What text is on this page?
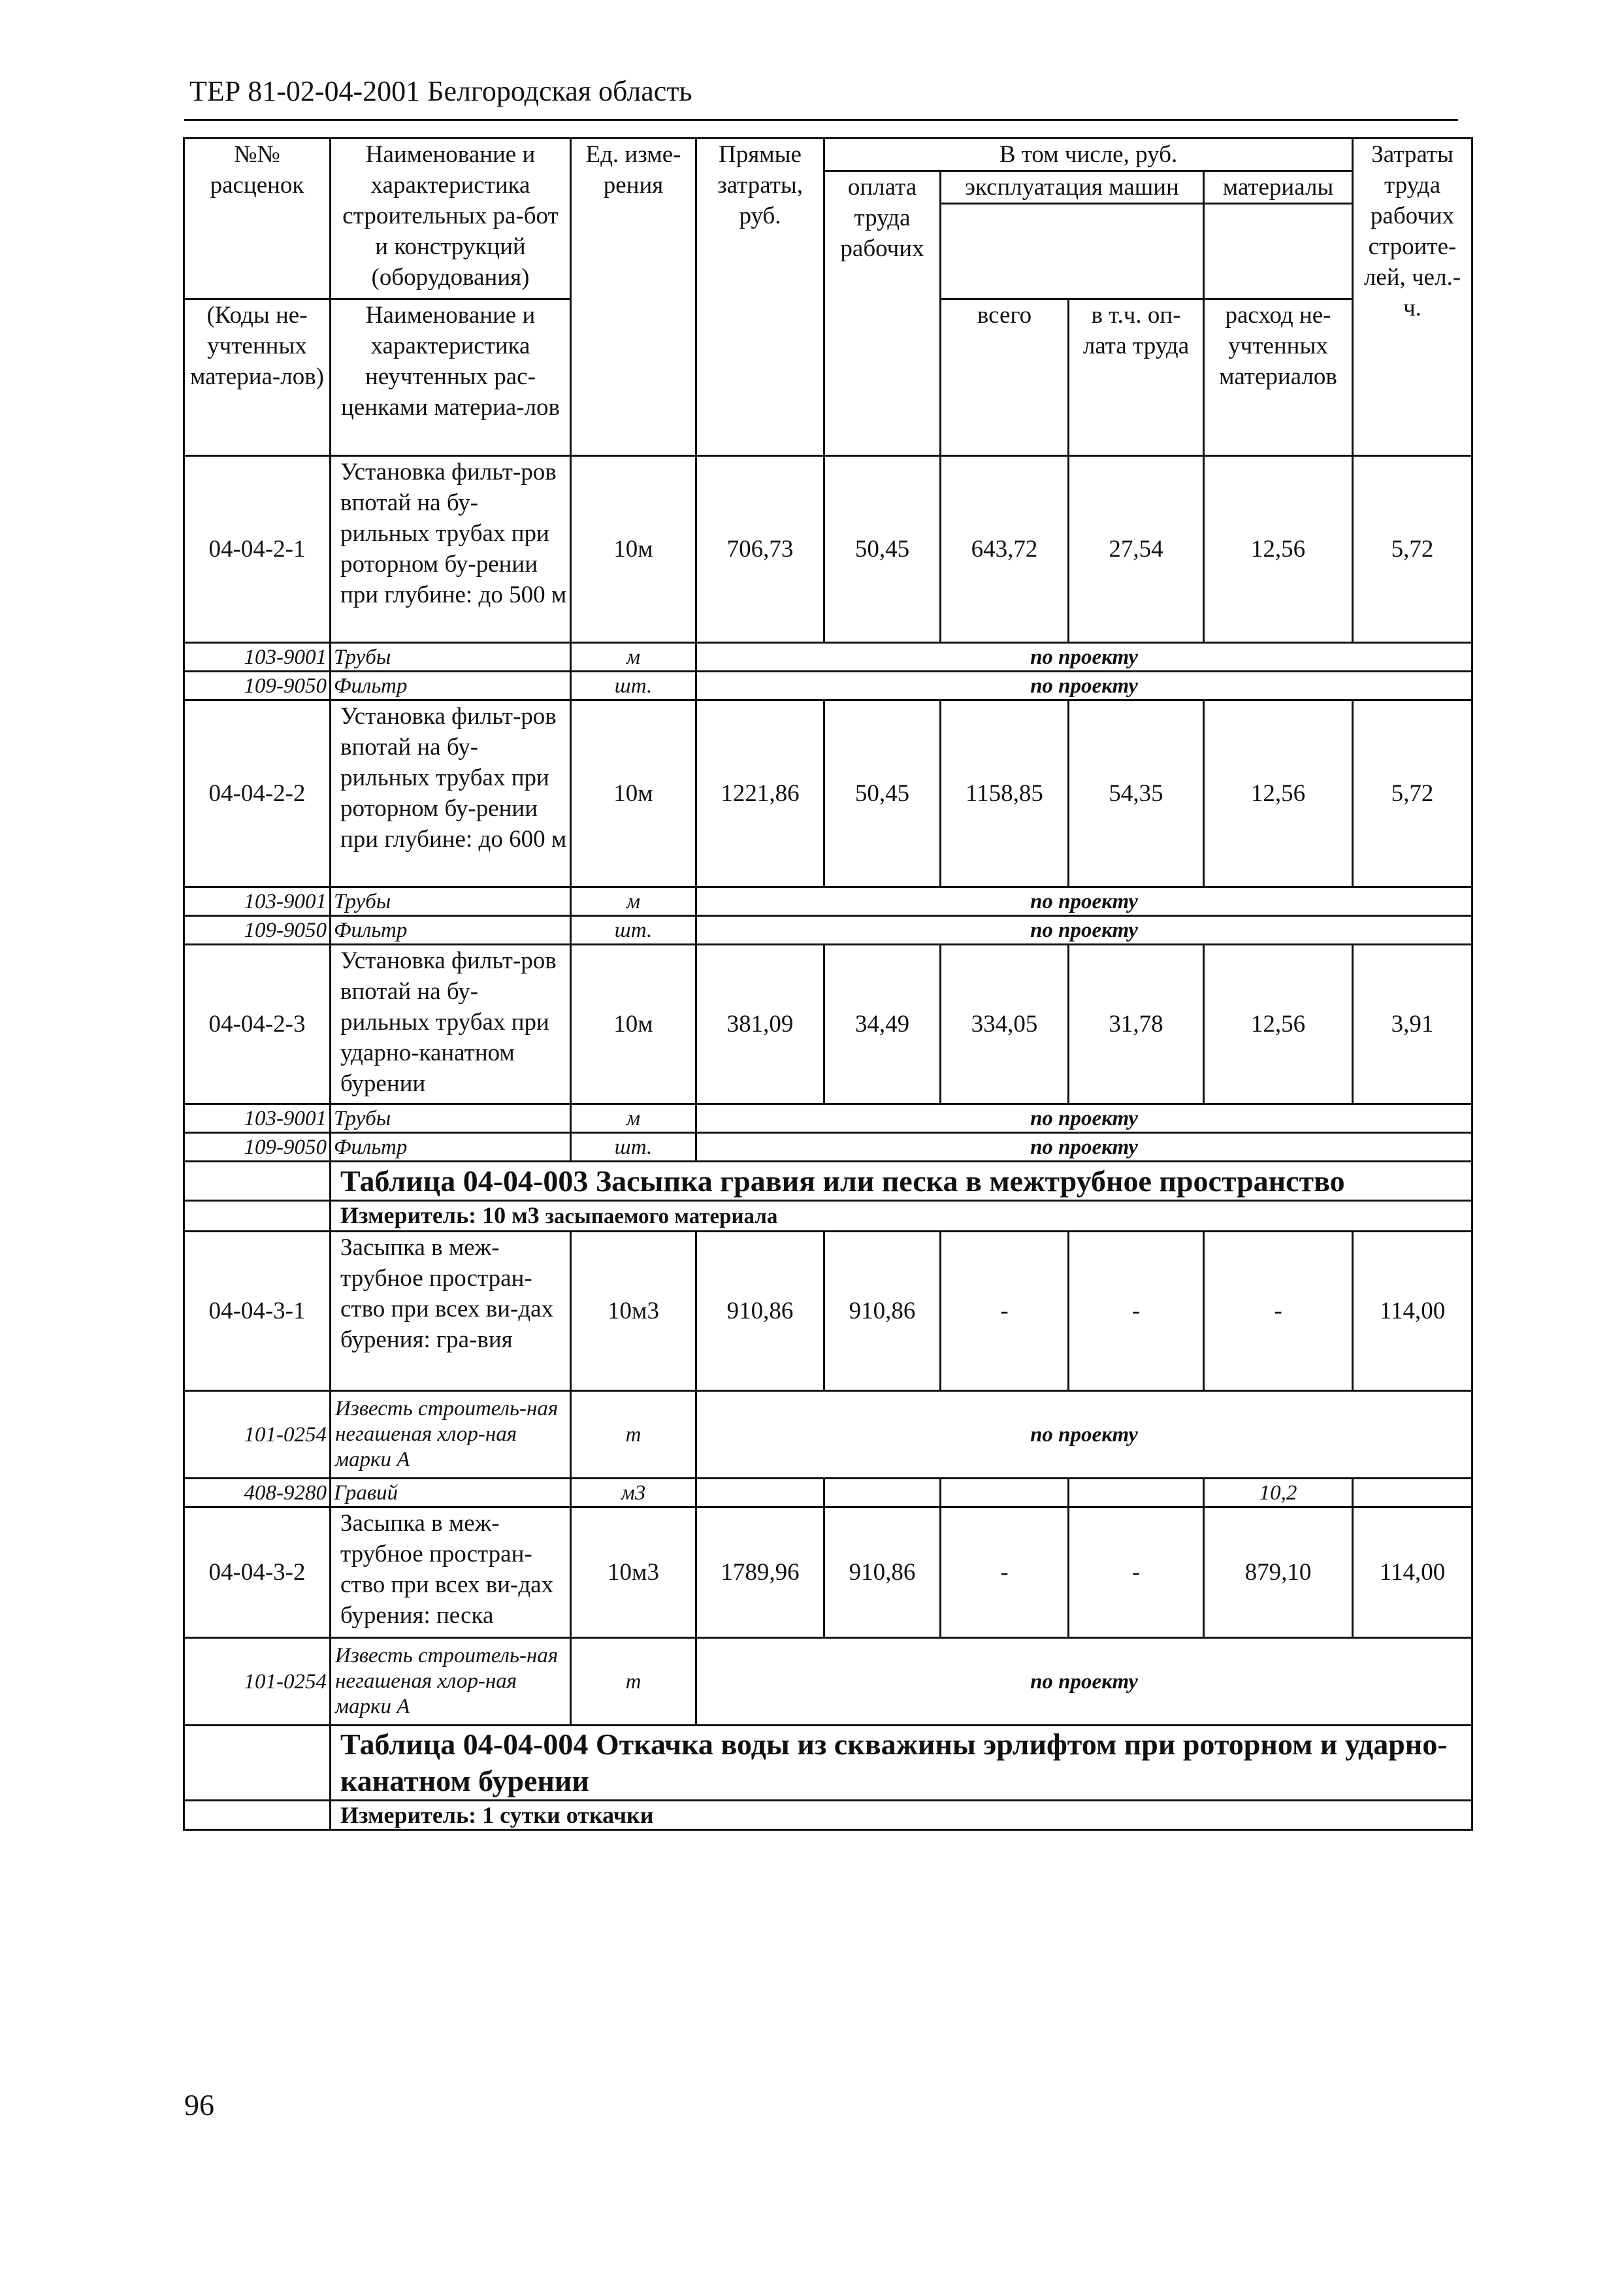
ТЕР 81-02-04-2001 Белгородская область
№№ расценок	Наименование и характеристика строительных ра-бот и конструкций (оборудования)	Ед. изме-рения	Прямые затраты, руб.	В том числе, руб.				Затраты труда рабочих строите-лей, чел.-ч.
				оплата труда рабочих	эксплуатация машин		материалы	

(Коды не-учтенных материа-лов)	Наименование и характеристика неучтенных рас-ценками материа-лов				всего	в т.ч. оп-лата труда	расход не-учтенных материалов	

04-04-2-1	Установка фильт-ров впотай на бу-рильных трубах при роторном бу-рении при глубине: до 500 м	10м	706,73	50,45	643,72	27,54	12,56	5,72
103-9001	Трубы	м	по проекту					
109-9050	Фильтр	шт.	по проекту					
04-04-2-2	Установка фильт-ров впотай на бу-рильных трубах при роторном бу-рении при глубине: до 600 м	10м	1221,86	50,45	1158,85	54,35	12,56	5,72
103-9001	Трубы	м	по проекту					
109-9050	Фильтр	шт.	по проекту					
04-04-2-3	Установка фильт-ров впотай на бу-рильных трубах при ударно-канатном бурении	10м	381,09	34,49	334,05	31,78	12,56	3,91
103-9001	Трубы	м	по проекту					
109-9050	Фильтр	шт.	по проекту					
	Таблица 04-04-003 Засыпка гравия или песка в межтрубное пространство							
	Измеритель: 10 м3 засыпаемого материала							
04-04-3-1	Засыпка в меж-трубное простран-ство при всех ви-дах бурения: гра-вия	10м3	910,86	910,86	-	-	-	114,00
101-0254	Известь строитель-ная негашеная хлор-ная марки А	т	по проекту					
408-9280	Гравий	м3					10,2	
04-04-3-2	Засыпка в меж-трубное простран-ство при всех ви-дах бурения: песка	10м3	1789,96	910,86	-	-	879,10	114,00
101-0254	Известь строитель-ная негашеная хлор-ная марки А	т	по проекту					
	Таблица 04-04-004 Откачка воды из скважины эрлифтом при роторном и ударно-канатном бурении							
	Измеритель: 1 сутки откачки							
96
